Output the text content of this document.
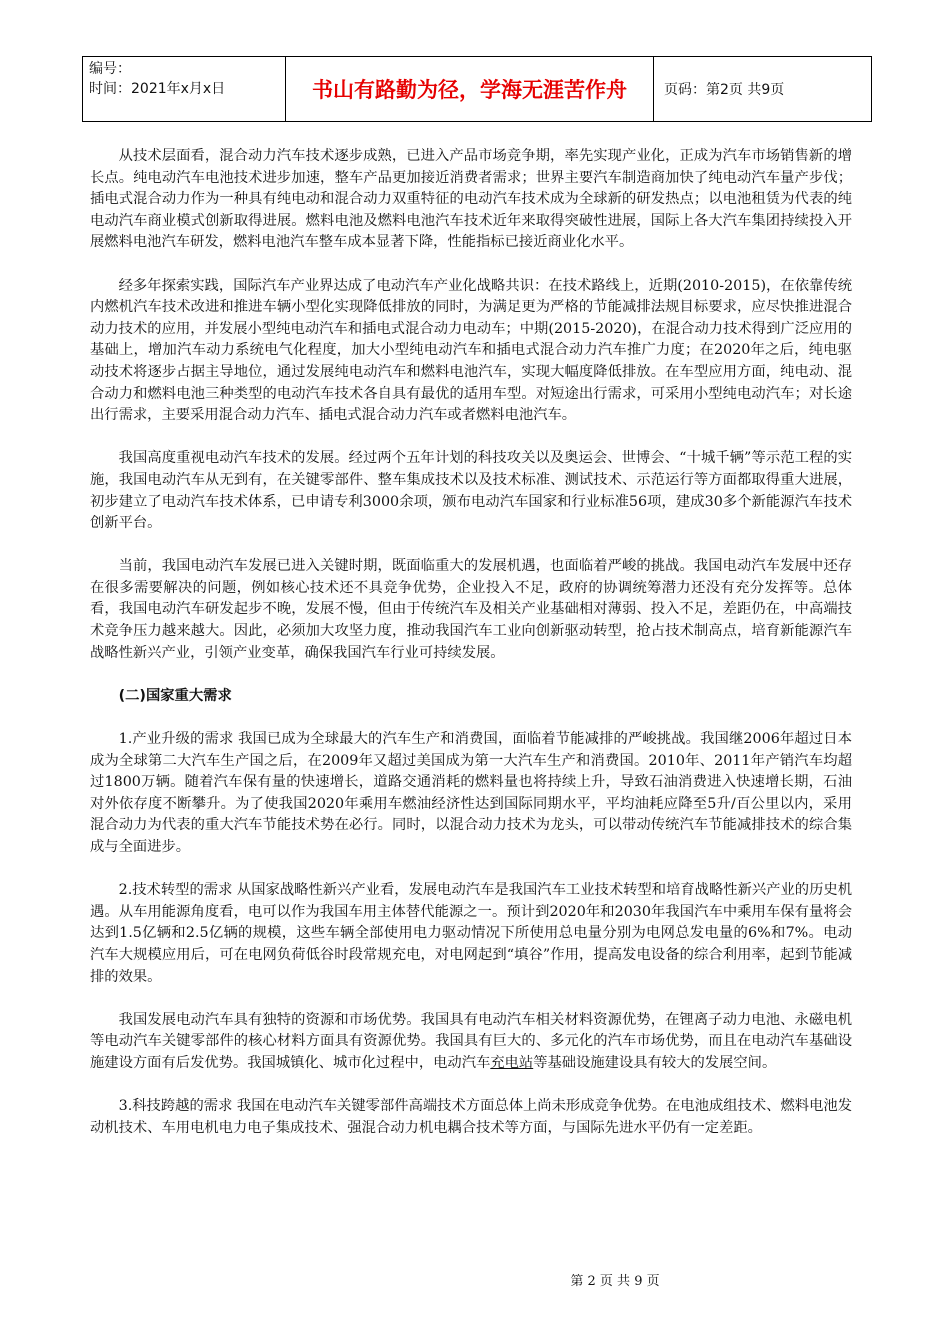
编号：
时间：2021年x月x日	书山有路勤为径，学海无涯苦作舟	页码：第2页 共9页

从技术层面看，混合动力汽车技术逐步成熟，已进入产品市场竞争期，率先实现产业化，正成为汽车市场销售新的增长点。纯电动汽车电池技术进步加速，整车产品更加接近消费者需求；世界主要汽车制造商加快了纯电动汽车量产步伐；插电式混合动力作为一种具有纯电动和混合动力双重特征的电动汽车技术成为全球新的研发热点；以电池租赁为代表的纯电动汽车商业模式创新取得进展。燃料电池及燃料电池汽车技术近年来取得突破性进展，国际上各大汽车集团持续投入开展燃料电池汽车研发，燃料电池汽车整车成本显著下降，性能指标已接近商业化水平。

经多年探索实践，国际汽车产业界达成了电动汽车产业化战略共识：在技术路线上，近期(2010-2015)，在依靠传统内燃机汽车技术改进和推进车辆小型化实现降低排放的同时，为满足更为严格的节能减排法规目标要求，应尽快推进混合动力技术的应用，并发展小型纯电动汽车和插电式混合动力电动车；中期(2015-2020)，在混合动力技术得到广泛应用的基础上，增加汽车动力系统电气化程度，加大小型纯电动汽车和插电式混合动力汽车推广力度；在2020年之后，纯电驱动技术将逐步占据主导地位，通过发展纯电动汽车和燃料电池汽车，实现大幅度降低排放。在车型应用方面，纯电动、混合动力和燃料电池三种类型的电动汽车技术各自具有最优的适用车型。对短途出行需求，可采用小型纯电动汽车；对长途出行需求，主要采用混合动力汽车、插电式混合动力汽车或者燃料电池汽车。

我国高度重视电动汽车技术的发展。经过两个五年计划的科技攻关以及奥运会、世博会、“十城千辆”等示范工程的实施，我国电动汽车从无到有，在关键零部件、整车集成技术以及技术标准、测试技术、示范运行等方面都取得重大进展，初步建立了电动汽车技术体系，已申请专利3000余项，颁布电动汽车国家和行业标准56项，建成30多个新能源汽车技术创新平台。

当前，我国电动汽车发展已进入关键时期，既面临重大的发展机遇，也面临着严峻的挑战。我国电动汽车发展中还存在很多需要解决的问题，例如核心技术还不具竞争优势，企业投入不足，政府的协调统筹潜力还没有充分发挥等。总体看，我国电动汽车研发起步不晚，发展不慢，但由于传统汽车及相关产业基础相对薄弱、投入不足，差距仍在，中高端技术竞争压力越来越大。因此，必须加大攻坚力度，推动我国汽车工业向创新驱动转型，抢占技术制高点，培育新能源汽车战略性新兴产业，引领产业变革，确保我国汽车行业可持续发展。

(二)国家重大需求

1.产业升级的需求 我国已成为全球最大的汽车生产和消费国，面临着节能减排的严峻挑战。我国继2006年超过日本成为全球第二大汽车生产国之后，在2009年又超过美国成为第一大汽车生产和消费国。2010年、2011年产销汽车均超过1800万辆。随着汽车保有量的快速增长，道路交通消耗的燃料量也将持续上升，导致石油消费进入快速增长期，石油对外依存度不断攀升。为了使我国2020年乘用车燃油经济性达到国际同期水平，平均油耗应降至5升/百公里以内，采用混合动力为代表的重大汽车节能技术势在必行。同时，以混合动力技术为龙头，可以带动传统汽车节能减排技术的综合集成与全面进步。

2.技术转型的需求 从国家战略性新兴产业看，发展电动汽车是我国汽车工业技术转型和培育战略性新兴产业的历史机遇。从车用能源角度看，电可以作为我国车用主体替代能源之一。预计到2020年和2030年我国汽车中乘用车保有量将会达到1.5亿辆和2.5亿辆的规模，这些车辆全部使用电力驱动情况下所使用总电量分别为电网总发电量的6%和7%。电动汽车大规模应用后，可在电网负荷低谷时段常规充电，对电网起到“填谷”作用，提高发电设备的综合利用率，起到节能减排的效果。

我国发展电动汽车具有独特的资源和市场优势。我国具有电动汽车相关材料资源优势，在锂离子动力电池、永磁电机等电动汽车关键零部件的核心材料方面具有资源优势。我国具有巨大的、多元化的汽车市场优势，而且在电动汽车基础设施建设方面有后发优势。我国城镇化、城市化过程中，电动汽车充电站等基础设施建设具有较大的发展空间。

3.科技跨越的需求 我国在电动汽车关键零部件高端技术方面总体上尚未形成竞争优势。在电池成组技术、燃料电池发动机技术、车用电机电力电子集成技术、强混合动力机电耦合技术等方面，与国际先进水平仍有一定差距。

第 2 页 共 9 页
